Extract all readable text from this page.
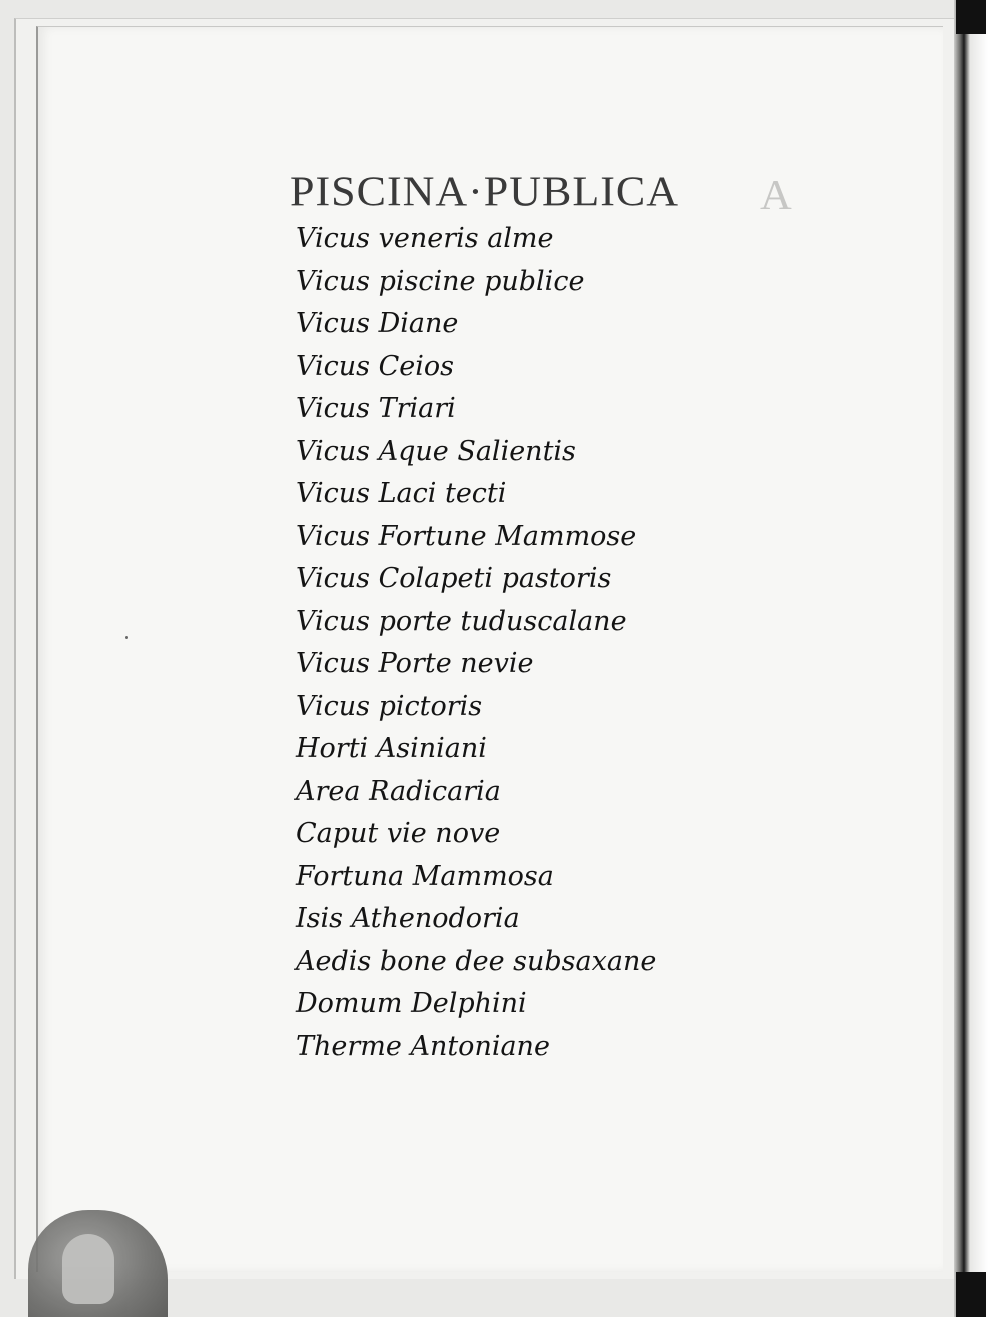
PISCINA·PUBLICA A
Vicus veneris alme
Vicus piscine publice
Vicus Diane
Vicus Ceios
Vicus Triari
Vicus Aque Salientis
Vicus Laci tecti
Vicus Fortune Mammose
Vicus Colapeti pastoris
Vicus porte tuduscalane
Vicus Porte nevie
Vicus pictoris
Horti Asiniani
Area Radicaria
Caput vie nove
Fortuna Mammosa
Isis Athenodoria
Aedis bone dee subsaxane
Domum Delphini
Therme Antoniane
